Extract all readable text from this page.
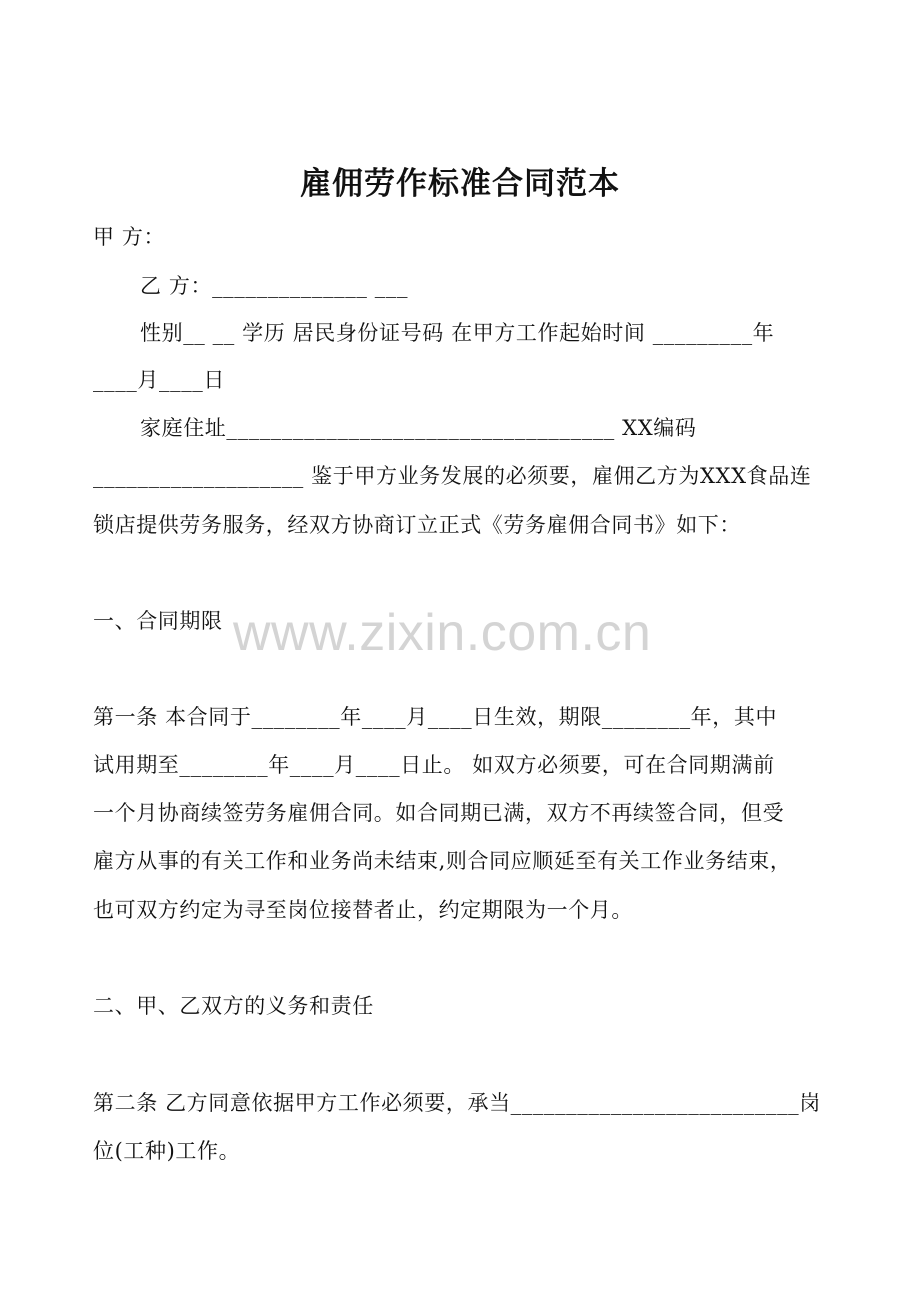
雇佣劳作标准合同范本
甲 方：
乙 方：______________ ___
性别__ __ 学历 居民身份证号码 在甲方工作起始时间 _________年
____月____日
家庭住址___________________________________ XX编码
___________________ 鉴于甲方业务发展的必须要，雇佣乙方为XXX食品连
锁店提供劳务服务，经双方协商订立正式《劳务雇佣合同书》如下：
www.zixin.com.cn
一、合同期限
第一条 本合同于________年____月____日生效，期限________年，其中
试用期至________年____月____日止。 如双方必须要，可在合同期满前
一个月协商续签劳务雇佣合同。如合同期已满，双方不再续签合同，但受
雇方从事的有关工作和业务尚未结束,则合同应顺延至有关工作业务结束，
也可双方约定为寻至岗位接替者止，约定期限为一个月。
二、甲、乙双方的义务和责任
第二条 乙方同意依据甲方工作必须要，承当__________________________岗
位(工种)工作。
